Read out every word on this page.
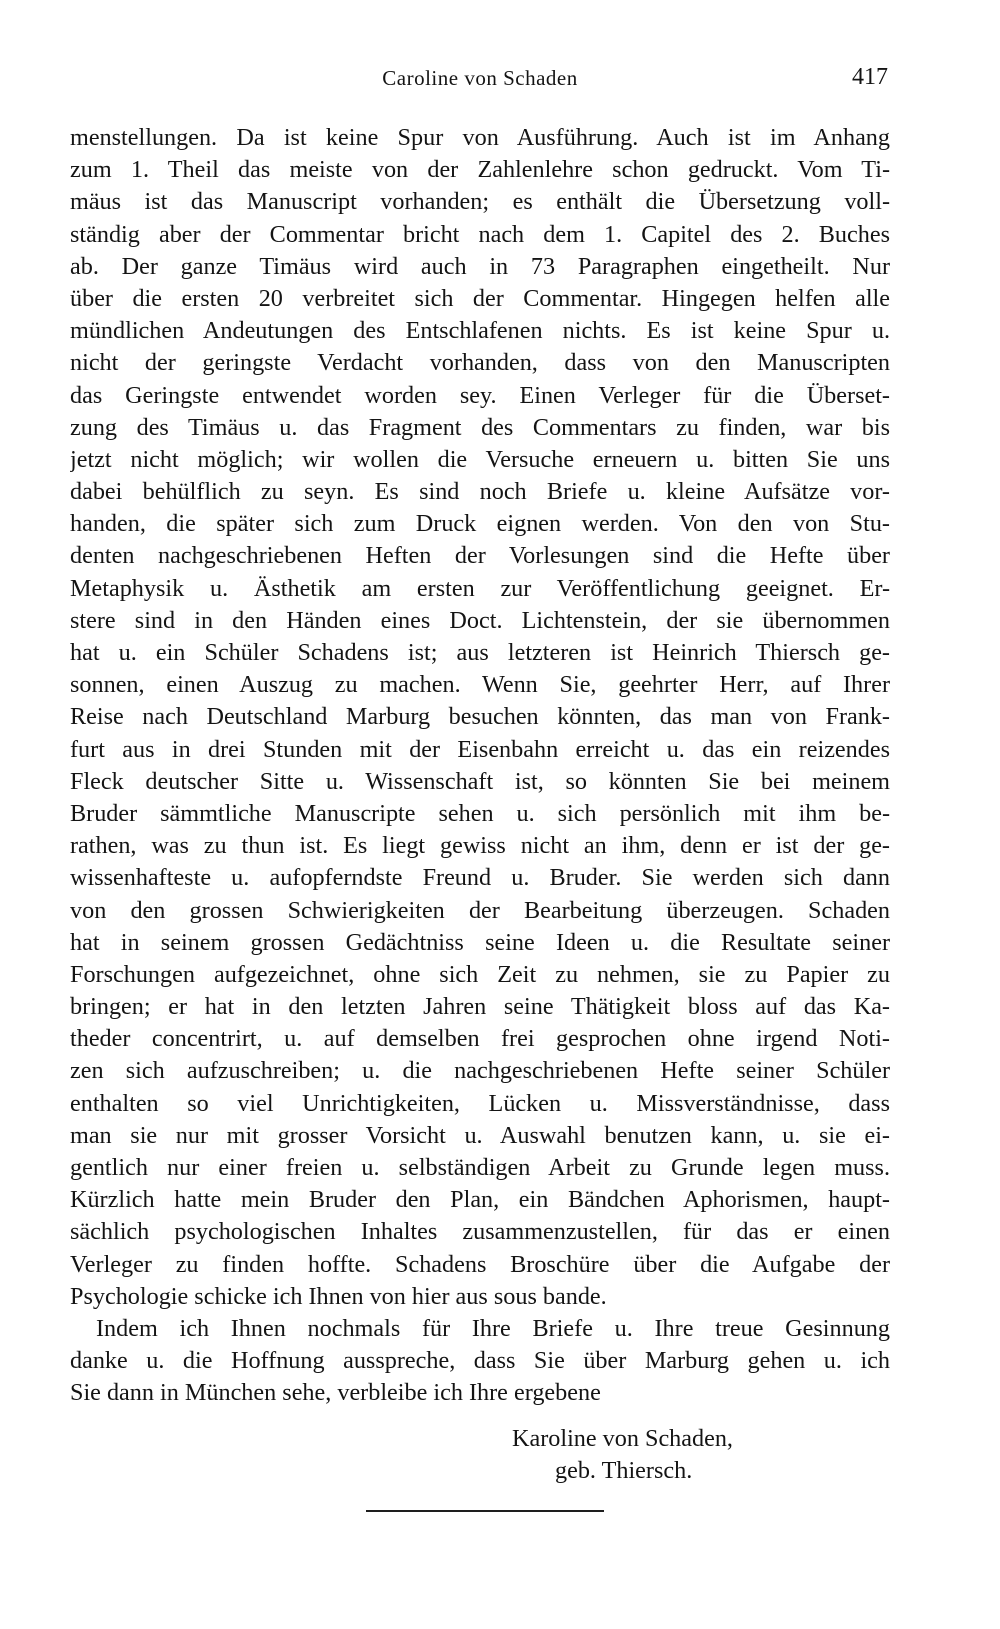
Caroline von Schaden	417
menstellungen. Da ist keine Spur von Ausführung. Auch ist im Anhang
zum 1. Theil das meiste von der Zahlenlehre schon gedruckt. Vom Ti-
mäus ist das Manuscript vorhanden; es enthält die Übersetzung voll-
ständig aber der Commentar bricht nach dem 1. Capitel des 2. Buches
ab. Der ganze Timäus wird auch in 73 Paragraphen eingetheilt. Nur
über die ersten 20 verbreitet sich der Commentar. Hingegen helfen alle
mündlichen Andeutungen des Entschlafenen nichts. Es ist keine Spur u.
nicht der geringste Verdacht vorhanden, dass von den Manuscripten
das Geringste entwendet worden sey. Einen Verleger für die Überset-
zung des Timäus u. das Fragment des Commentars zu finden, war bis
jetzt nicht möglich; wir wollen die Versuche erneuern u. bitten Sie uns
dabei behülflich zu seyn. Es sind noch Briefe u. kleine Aufsätze vor-
handen, die später sich zum Druck eignen werden. Von den von Stu-
denten nachgeschriebenen Heften der Vorlesungen sind die Hefte über
Metaphysik u. Ästhetik am ersten zur Veröffentlichung geeignet. Er-
stere sind in den Händen eines Doct. Lichtenstein, der sie übernommen
hat u. ein Schüler Schadens ist; aus letzteren ist Heinrich Thiersch ge-
sonnen, einen Auszug zu machen. Wenn Sie, geehrter Herr, auf Ihrer
Reise nach Deutschland Marburg besuchen könnten, das man von Frank-
furt aus in drei Stunden mit der Eisenbahn erreicht u. das ein reizendes
Fleck deutscher Sitte u. Wissenschaft ist, so könnten Sie bei meinem
Bruder sämmtliche Manuscripte sehen u. sich persönlich mit ihm be-
rathen, was zu thun ist. Es liegt gewiss nicht an ihm, denn er ist der ge-
wissenhafteste u. aufopferndste Freund u. Bruder. Sie werden sich dann
von den grossen Schwierigkeiten der Bearbeitung überzeugen. Schaden
hat in seinem grossen Gedächtniss seine Ideen u. die Resultate seiner
Forschungen aufgezeichnet, ohne sich Zeit zu nehmen, sie zu Papier zu
bringen; er hat in den letzten Jahren seine Thätigkeit bloss auf das Ka-
theder concentrirt, u. auf demselben frei gesprochen ohne irgend Noti-
zen sich aufzuschreiben; u. die nachgeschriebenen Hefte seiner Schüler
enthalten so viel Unrichtigkeiten, Lücken u. Missverständnisse, dass
man sie nur mit grosser Vorsicht u. Auswahl benutzen kann, u. sie ei-
gentlich nur einer freien u. selbständigen Arbeit zu Grunde legen muss.
Kürzlich hatte mein Bruder den Plan, ein Bändchen Aphorismen, haupt-
sächlich psychologischen Inhaltes zusammenzustellen, für das er einen
Verleger zu finden hoffte. Schadens Broschüre über die Aufgabe der
Psychologie schicke ich Ihnen von hier aus sous bande.
Indem ich Ihnen nochmals für Ihre Briefe u. Ihre treue Gesinnung
danke u. die Hoffnung ausspreche, dass Sie über Marburg gehen u. ich
Sie dann in München sehe, verbleibe ich Ihre ergebene
Karoline von Schaden,
geb. Thiersch.
